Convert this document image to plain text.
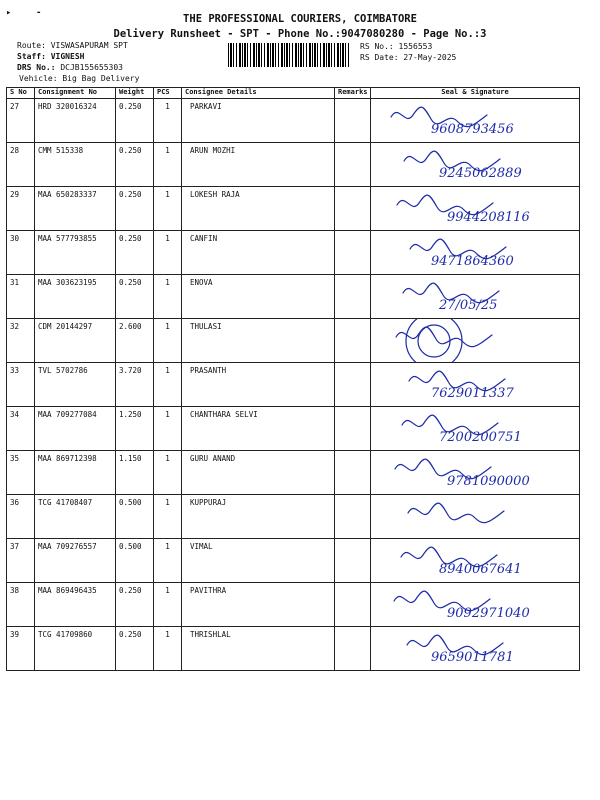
▸	-	THE PROFESSIONAL COURIERS, COIMBATORE
Delivery Runsheet - SPT - Phone No.:9047080280 - Page No.:3
Route: VISWASAPURAM SPT
Staff: VIGNESH
DRS No.: DCJB155655303
Vehicle: Big Bag Delivery
RS No.: 1556553
RS Date: 27-May-2025
S No	Consignment No	Weight	PCS	Consignee Details	Remarks	Seal & Signature
27	HRD 320016324	0.250	1	PARKAVI		9608793456

28	CMM 515338	0.250	1	ARUN MOZHI		9245062889

29	MAA 650283337	0.250	1	LOKESH RAJA		9944208116

30	MAA 577793855	0.250	1	CANFIN		9471864360

31	MAA 303623195	0.250	1	ENOVA		27/05/25

32	CDM 20144297	2.600	1	THULASI		

33	TVL 5702786	3.720	1	PRASANTH		7629011337

34	MAA 709277084	1.250	1	CHANTHARA SELVI		7200200751

35	MAA 869712398	1.150	1	GURU ANAND		9781090000

36	TCG 41708407	0.500	1	KUPPURAJ		

37	MAA 709276557	0.500	1	VIMAL		8940067641

38	MAA 869496435	0.250	1	PAVITHRA		9092971040

39	TCG 41709860	0.250	1	THRISHLAL		9659011781
